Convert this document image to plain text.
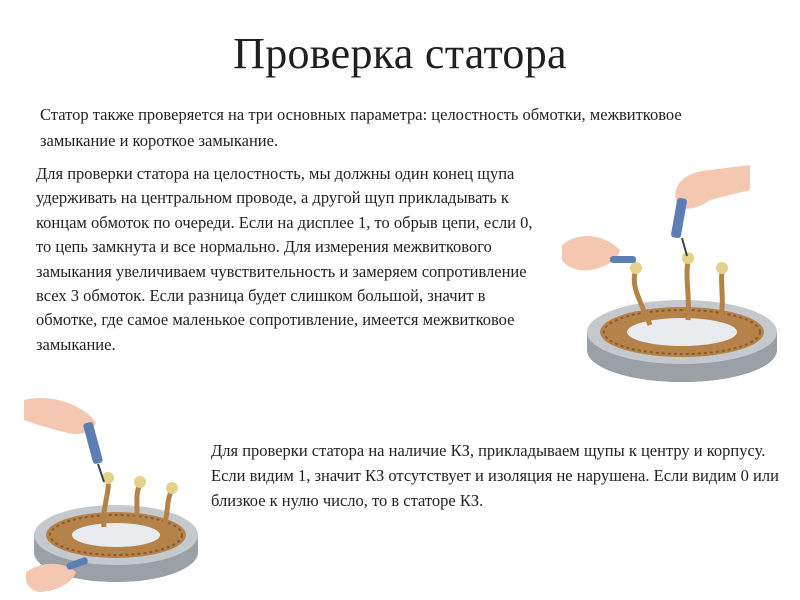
Проверка статора
Статор также проверяется на три основных параметра: целостность обмотки, межвитковое замыкание и короткое замыкание.
Для проверки статора на целостность, мы должны один конец щупа удерживать на центральном проводе, а другой щуп прикладывать к концам обмоток по очереди. Если на дисплее 1, то обрыв цепи, если 0, то цепь замкнута и все нормально. Для измерения межвиткового замыкания увеличиваем чувствительность и замеряем сопротивление всех 3 обмоток. Если разница будет слишком большой, значит в обмотке, где самое маленькое сопротивление, имеется межвитковое замыкание.
Для проверки статора на наличие КЗ, прикладываем щупы к центру и корпусу. Если видим 1, значит КЗ отсутствует и изоляция не нарушена. Если видим 0 или близкое к нулю число, то в статоре КЗ.
